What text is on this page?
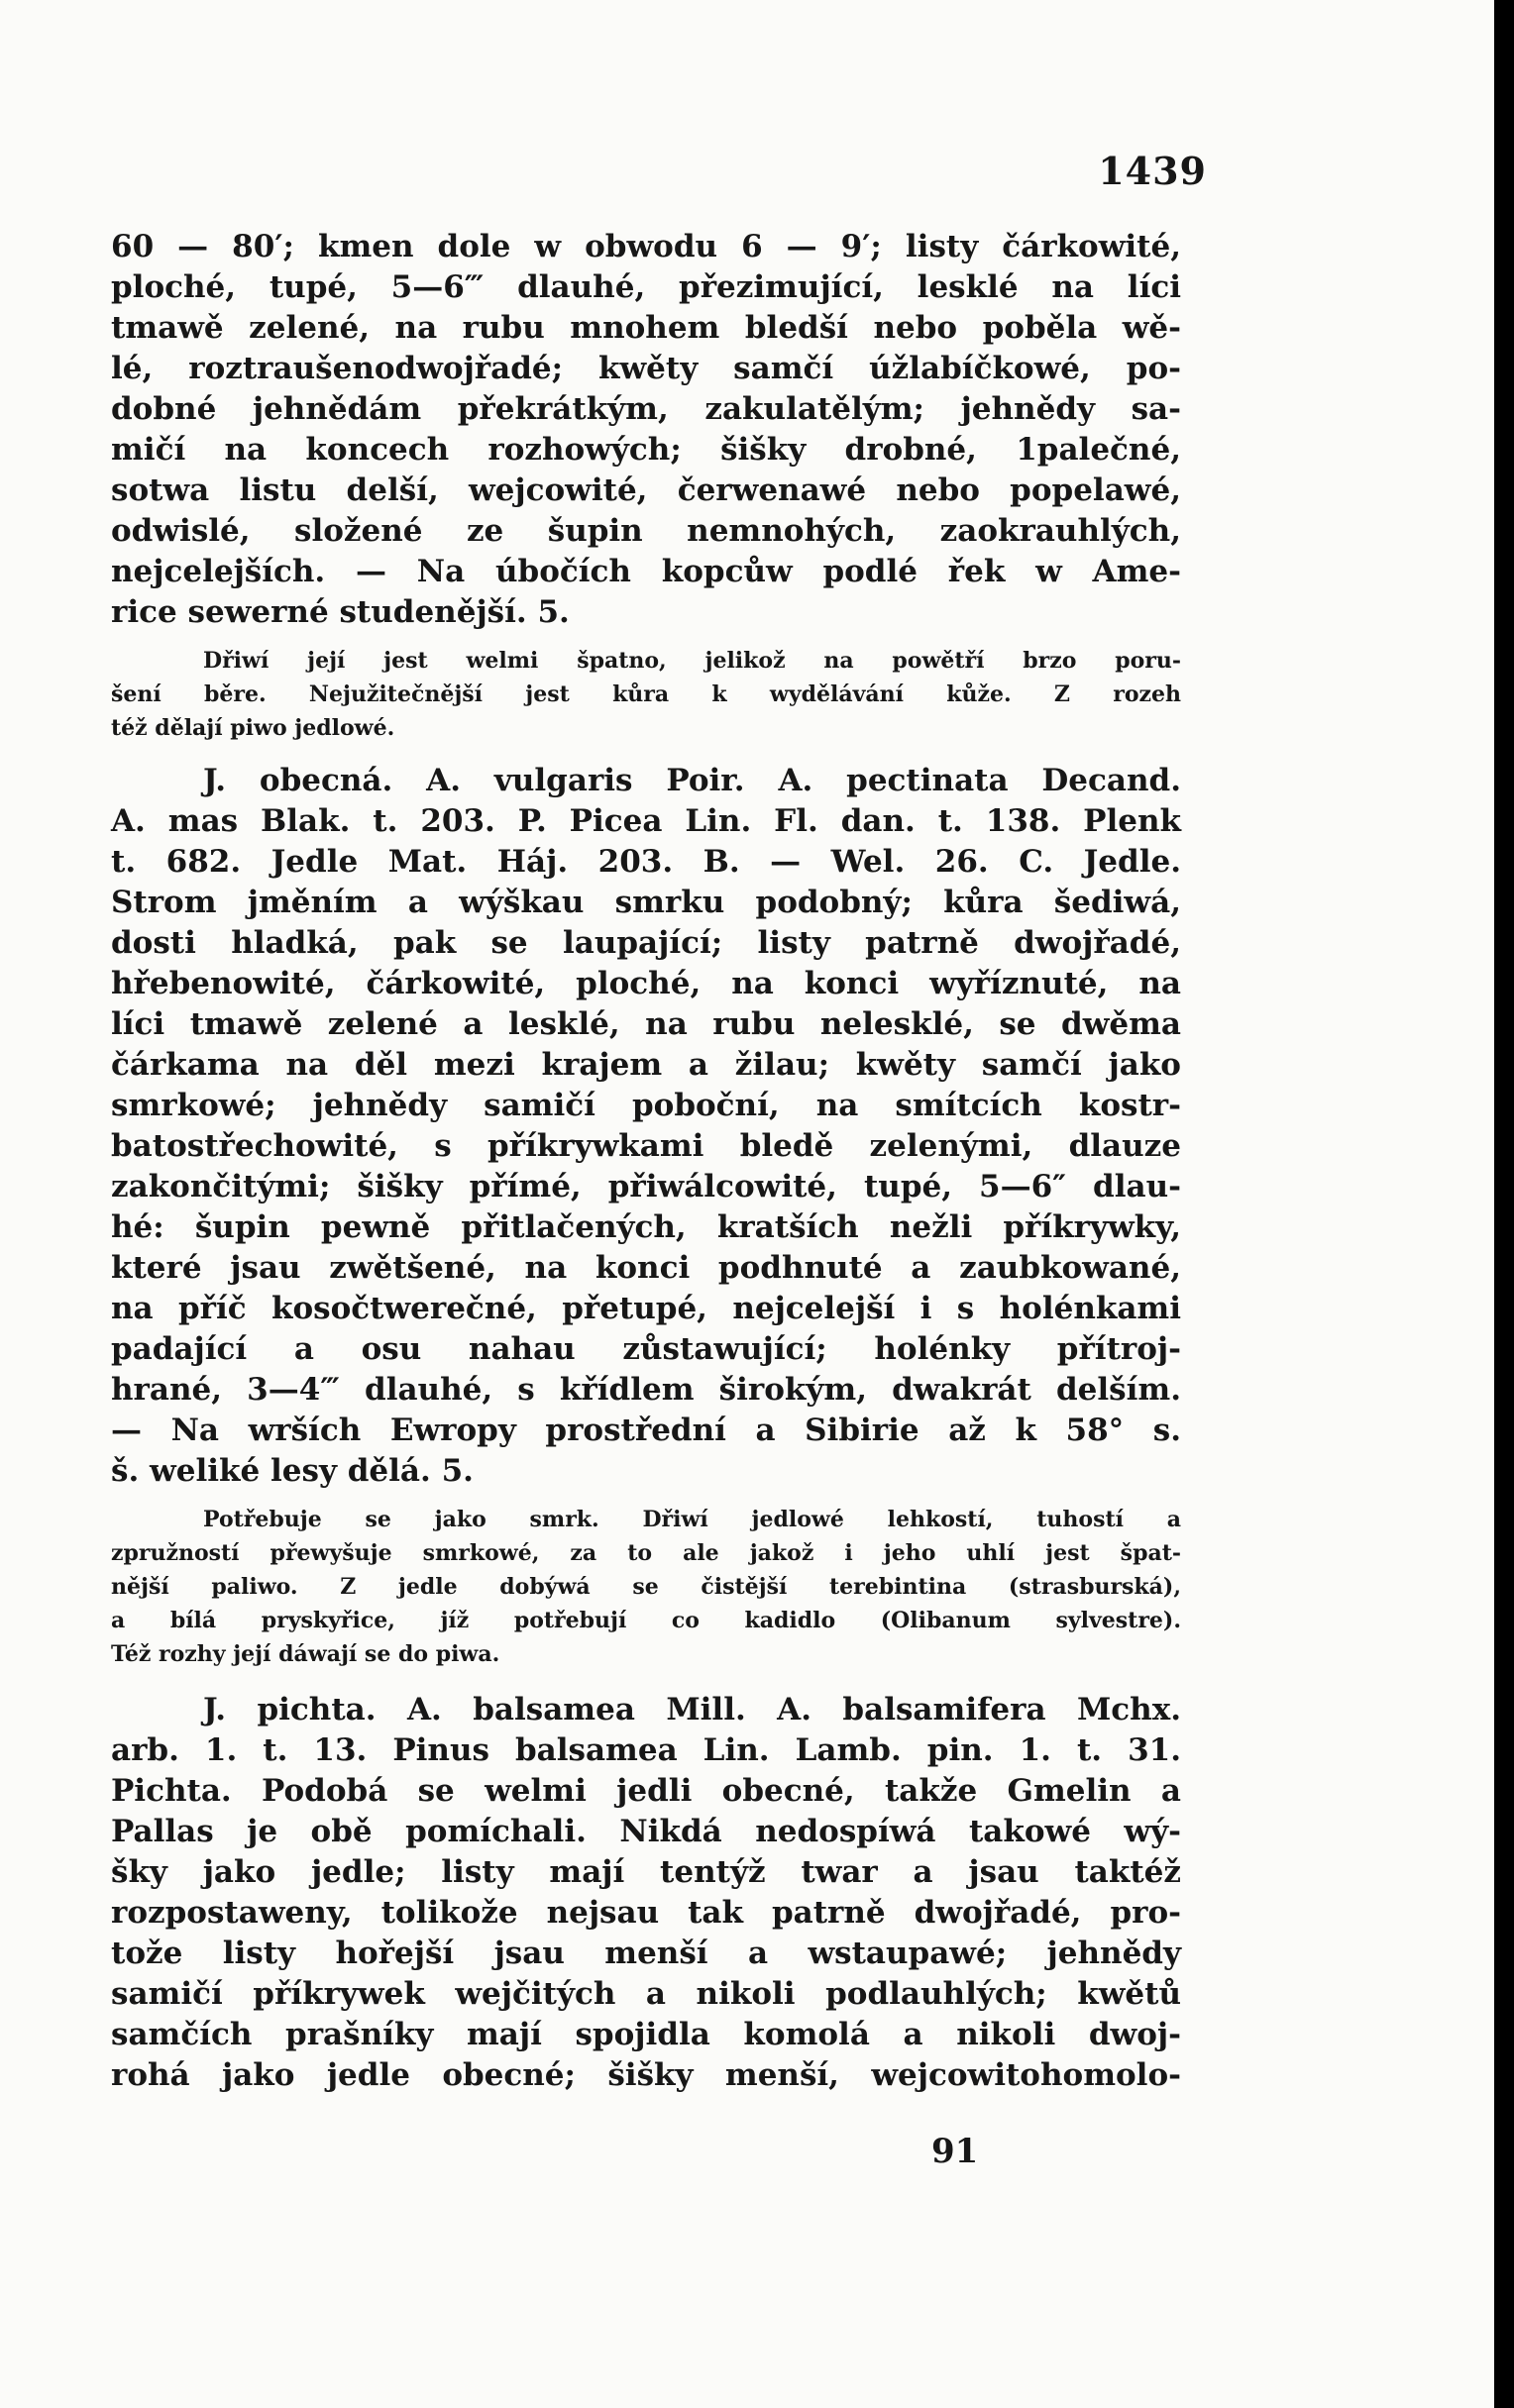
1439
60 — 80′; kmen dole w obwodu 6 — 9′; listy čárkowité,
ploché, tupé, 5—6‴ dlauhé, přezimující, lesklé na líci
tmawě zelené, na rubu mnohem bledší nebo poběla wě-
lé, roztraušenodwojřadé; kwěty samčí úžlabíčkowé, po-
dobné jehnědám překrátkým, zakulatělým; jehnědy sa-
mičí na koncech rozhowých; šišky drobné, 1palečné,
sotwa listu delší, wejcowité, čerwenawé nebo popelawé,
odwislé, složené ze šupin nemnohých, zaokrauhlých,
nejcelejších. — Na úbočích kopcůw podlé řek w Ame-
rice sewerné studenější. 5.
Dřiwí její jest welmi špatno, jelikož na powětří brzo poru-
šení běre. Nejužitečnější jest kůra k wydělávání kůže. Z rozeh
též dělají piwo jedlowé.
J. obecná. A. vulgaris Poir. A. pectinata Decand.
A. mas Blak. t. 203. P. Picea Lin. Fl. dan. t. 138. Plenk
t. 682. Jedle Mat. Háj. 203. B. — Wel. 26. C. Jedle.
Strom jměním a wýškau smrku podobný; kůra šediwá,
dosti hladká, pak se laupající; listy patrně dwojřadé,
hřebenowité, čárkowité, ploché, na konci wyříznuté, na
líci tmawě zelené a lesklé, na rubu nelesklé, se dwěma
čárkama na děl mezi krajem a žilau; kwěty samčí jako
smrkowé; jehnědy samičí poboční, na smítcích kostr-
batostřechowité, s příkrywkami bledě zelenými, dlauze
zakončitými; šišky přímé, přiwálcowité, tupé, 5—6″ dlau-
hé: šupin pewně přitlačených, kratších nežli příkrywky,
které jsau zwětšené, na konci podhnuté a zaubkowané,
na příč kosočtwerečné, přetupé, nejcelejší i s holénkami
padající a osu nahau zůstawující; holénky přítroj-
hrané, 3—4‴ dlauhé, s křídlem širokým, dwakrát delším.
— Na wrších Ewropy prostřední a Sibirie až k 58° s.
š. weliké lesy dělá. 5.
Potřebuje se jako smrk. Dřiwí jedlowé lehkostí, tuhostí a
zpružností přewyšuje smrkowé, za to ale jakož i jeho uhlí jest špat-
nější paliwo. Z jedle dobýwá se čistější terebintina (strasburská),
a bílá pryskyřice, jíž potřebují co kadidlo (Olibanum sylvestre).
Též rozhy její dáwají se do piwa.
J. pichta. A. balsamea Mill. A. balsamifera Mchx.
arb. 1. t. 13. Pinus balsamea Lin. Lamb. pin. 1. t. 31.
Pichta. Podobá se welmi jedli obecné, takže Gmelin a
Pallas je obě pomíchali. Nikdá nedospíwá takowé wý-
šky jako jedle; listy mají tentýž twar a jsau taktéž
rozpostaweny, tolikože nejsau tak patrně dwojřadé, pro-
tože listy hořejší jsau menší a wstaupawé; jehnědy
samičí příkrywek wejčitých a nikoli podlauhlých; kwětů
samčích prašníky mají spojidla komolá a nikoli dwoj-
rohá jako jedle obecné; šišky menší, wejcowitohomolo-
91
